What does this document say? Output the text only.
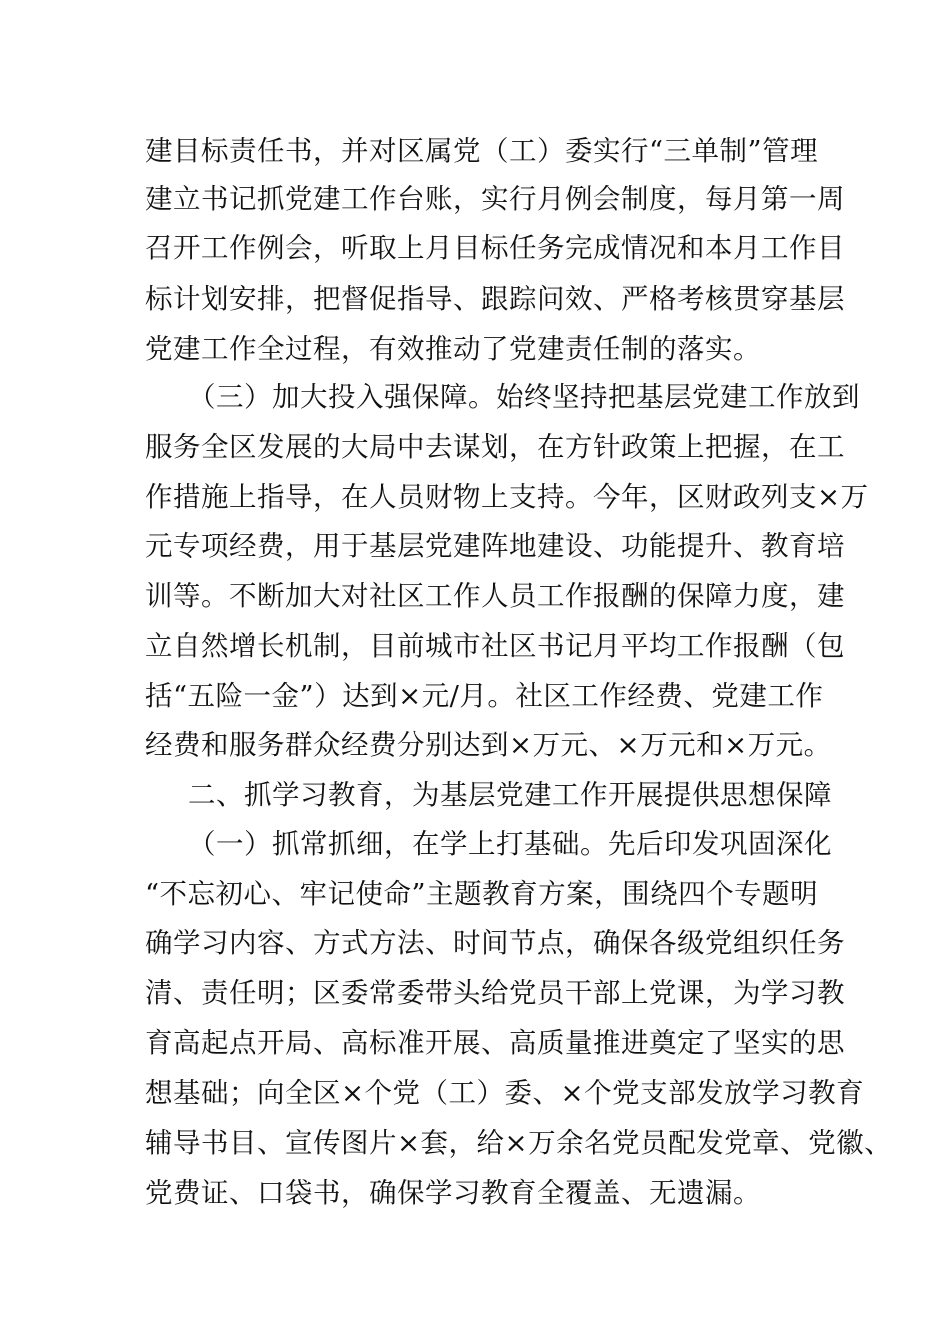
建目标责任书，并对区属党（工）委实行“三单制”管理
建立书记抓党建工作台账，实行月例会制度，每月第一周
召开工作例会，听取上月目标任务完成情况和本月工作目
标计划安排，把督促指导、跟踪问效、严格考核贯穿基层
党建工作全过程，有效推动了党建责任制的落实。
（三）加大投入强保障。始终坚持把基层党建工作放到
服务全区发展的大局中去谋划，在方针政策上把握，在工
作措施上指导，在人员财物上支持。今年，区财政列支×万
元专项经费，用于基层党建阵地建设、功能提升、教育培
训等。不断加大对社区工作人员工作报酬的保障力度，建
立自然增长机制，目前城市社区书记月平均工作报酬（包
括“五险一金”）达到×元/月。社区工作经费、党建工作
经费和服务群众经费分别达到×万元、×万元和×万元。
二、抓学习教育，为基层党建工作开展提供思想保障
（一）抓常抓细，在学上打基础。先后印发巩固深化
“不忘初心、牢记使命”主题教育方案，围绕四个专题明
确学习内容、方式方法、时间节点，确保各级党组织任务
清、责任明；区委常委带头给党员干部上党课，为学习教
育高起点开局、高标准开展、高质量推进奠定了坚实的思
想基础；向全区×个党（工）委、×个党支部发放学习教育
辅导书目、宣传图片×套，给×万余名党员配发党章、党徽、
党费证、口袋书，确保学习教育全覆盖、无遗漏。
